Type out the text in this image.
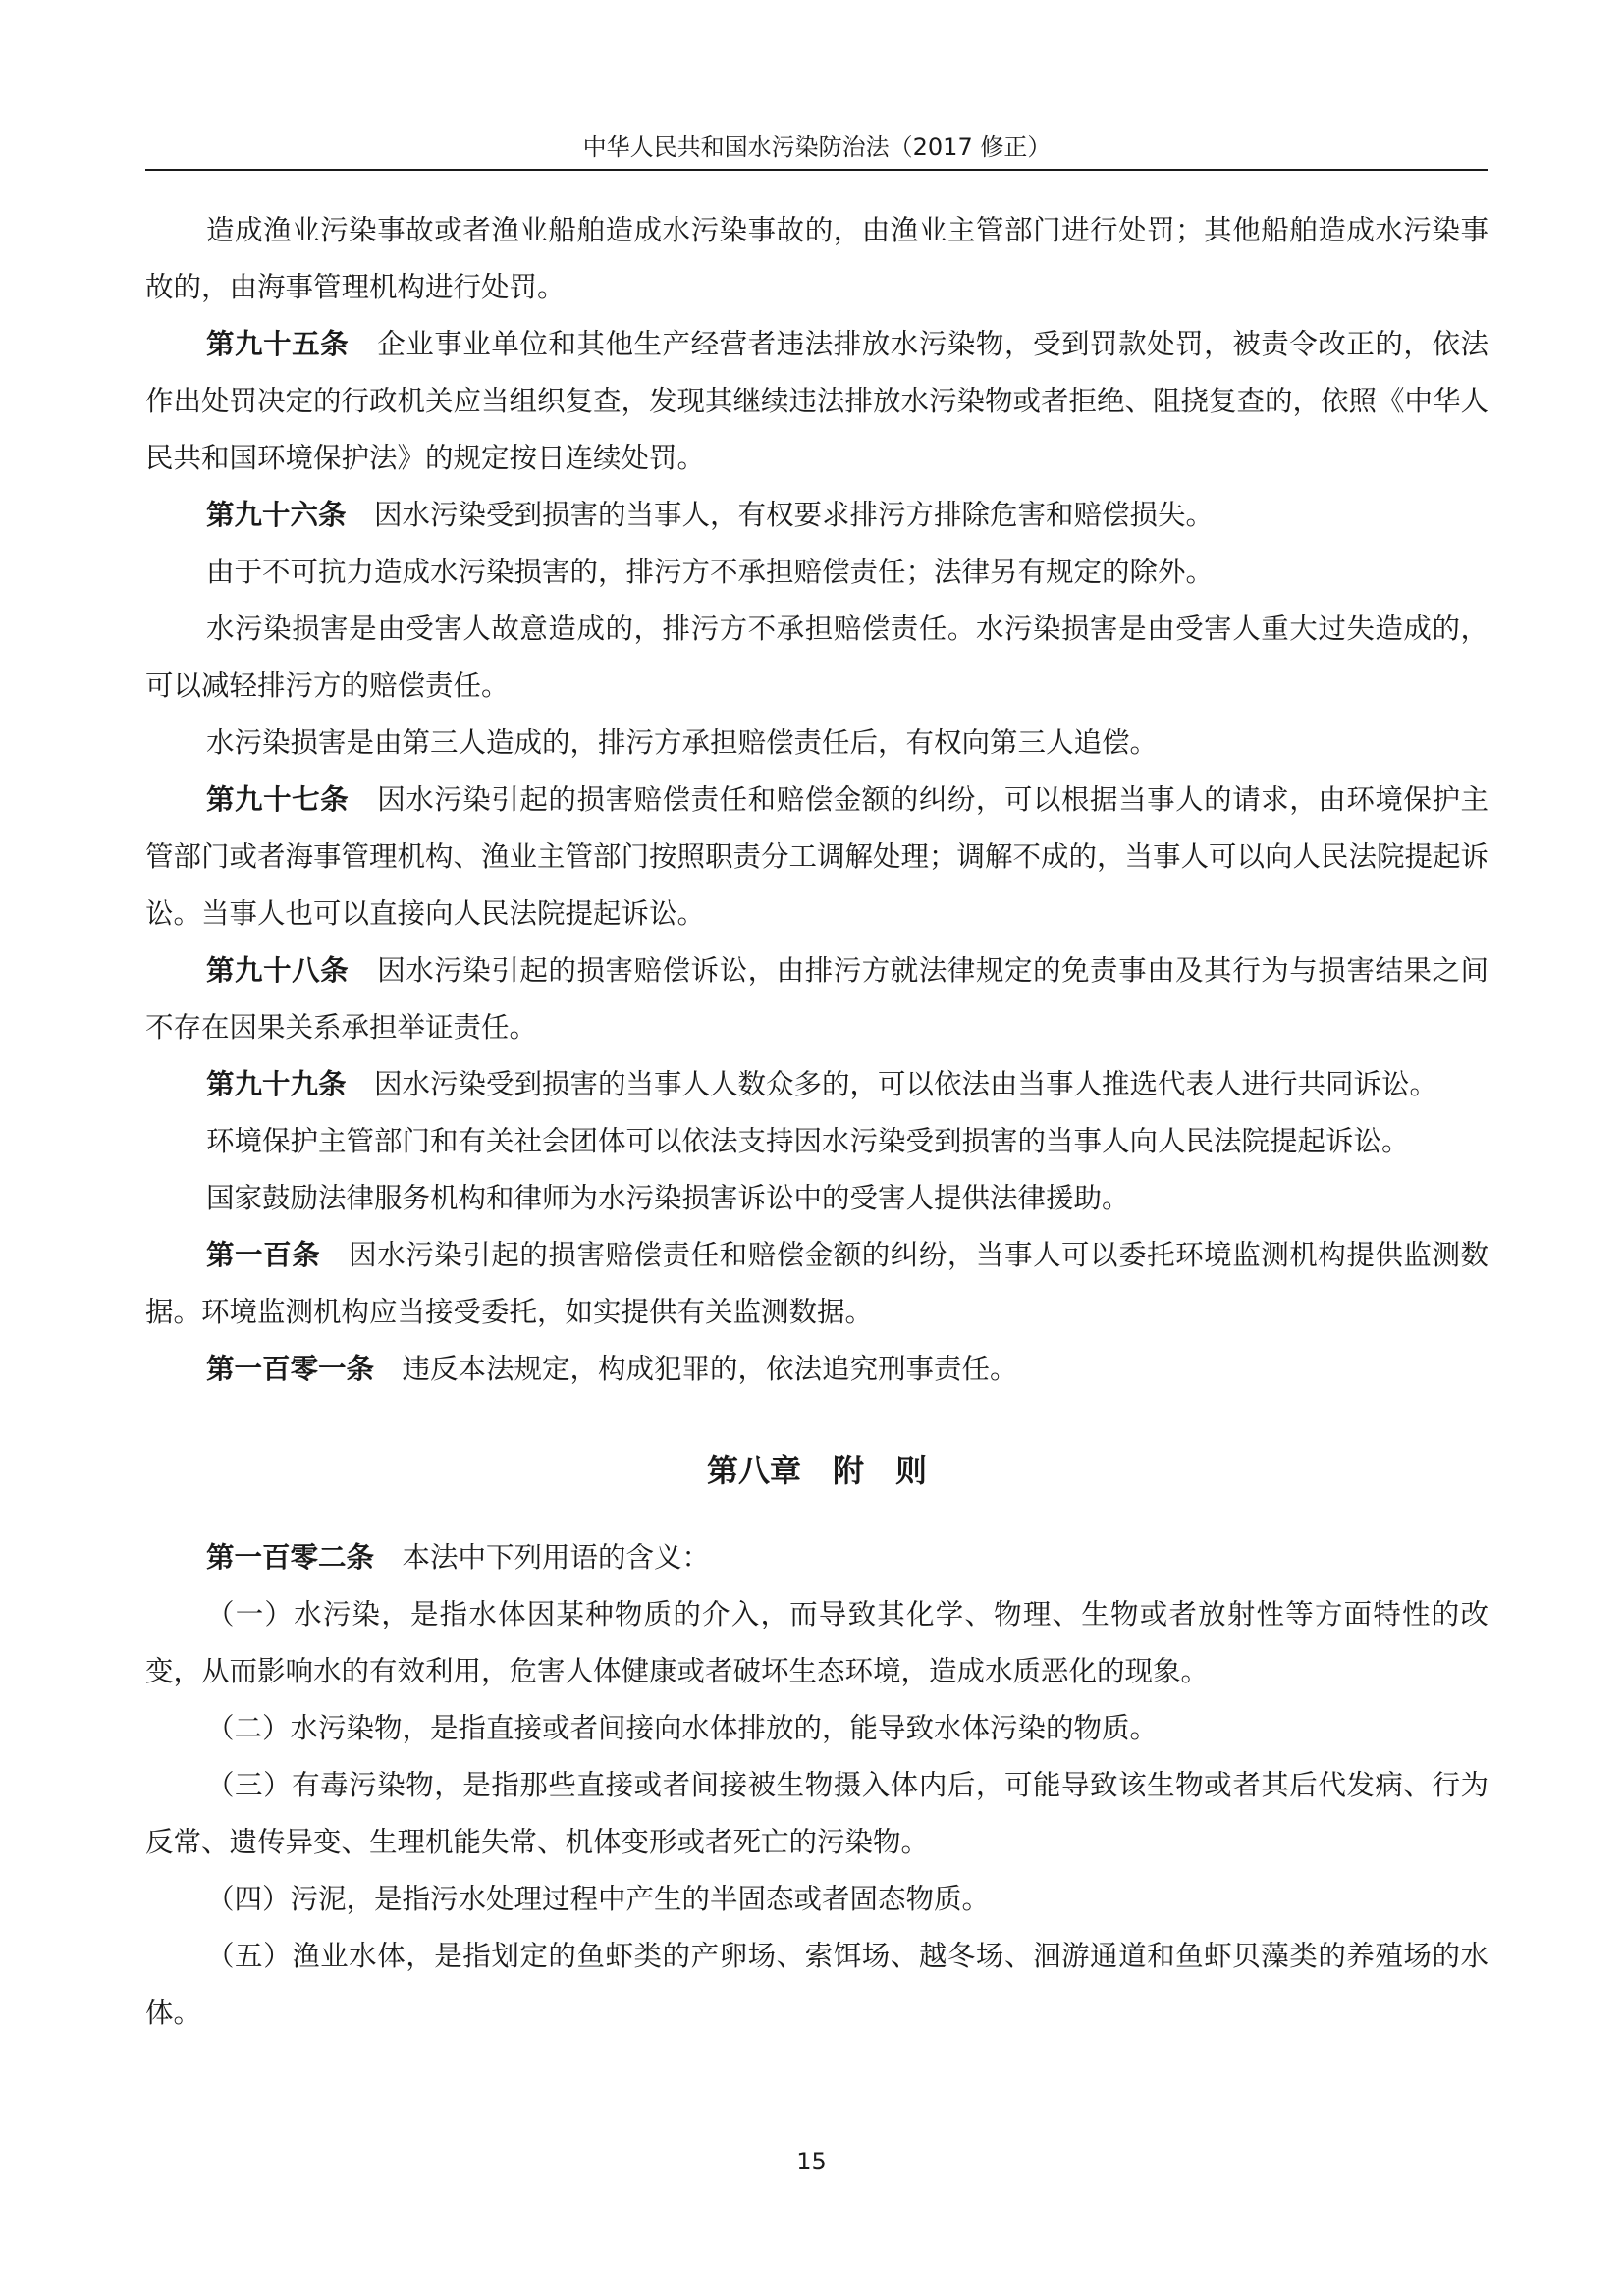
中华人民共和国水污染防治法（2017 修正）

造成渔业污染事故或者渔业船舶造成水污染事故的，由渔业主管部门进行处罚；其他船舶造成水污染事故的，由海事管理机构进行处罚。

第九十五条　企业事业单位和其他生产经营者违法排放水污染物，受到罚款处罚，被责令改正的，依法作出处罚决定的行政机关应当组织复查，发现其继续违法排放水污染物或者拒绝、阻挠复查的，依照《中华人民共和国环境保护法》的规定按日连续处罚。

第九十六条　因水污染受到损害的当事人，有权要求排污方排除危害和赔偿损失。

由于不可抗力造成水污染损害的，排污方不承担赔偿责任；法律另有规定的除外。

水污染损害是由受害人故意造成的，排污方不承担赔偿责任。水污染损害是由受害人重大过失造成的，可以减轻排污方的赔偿责任。

水污染损害是由第三人造成的，排污方承担赔偿责任后，有权向第三人追偿。

第九十七条　因水污染引起的损害赔偿责任和赔偿金额的纠纷，可以根据当事人的请求，由环境保护主管部门或者海事管理机构、渔业主管部门按照职责分工调解处理；调解不成的，当事人可以向人民法院提起诉讼。当事人也可以直接向人民法院提起诉讼。

第九十八条　因水污染引起的损害赔偿诉讼，由排污方就法律规定的免责事由及其行为与损害结果之间不存在因果关系承担举证责任。

第九十九条　因水污染受到损害的当事人人数众多的，可以依法由当事人推选代表人进行共同诉讼。

环境保护主管部门和有关社会团体可以依法支持因水污染受到损害的当事人向人民法院提起诉讼。

国家鼓励法律服务机构和律师为水污染损害诉讼中的受害人提供法律援助。

第一百条　因水污染引起的损害赔偿责任和赔偿金额的纠纷，当事人可以委托环境监测机构提供监测数据。环境监测机构应当接受委托，如实提供有关监测数据。

第一百零一条　违反本法规定，构成犯罪的，依法追究刑事责任。

第八章　附　则

第一百零二条　本法中下列用语的含义：

（一）水污染，是指水体因某种物质的介入，而导致其化学、物理、生物或者放射性等方面特性的改变，从而影响水的有效利用，危害人体健康或者破坏生态环境，造成水质恶化的现象。

（二）水污染物，是指直接或者间接向水体排放的，能导致水体污染的物质。

（三）有毒污染物，是指那些直接或者间接被生物摄入体内后，可能导致该生物或者其后代发病、行为反常、遗传异变、生理机能失常、机体变形或者死亡的污染物。

（四）污泥，是指污水处理过程中产生的半固态或者固态物质。

（五）渔业水体，是指划定的鱼虾类的产卵场、索饵场、越冬场、洄游通道和鱼虾贝藻类的养殖场的水体。

15
